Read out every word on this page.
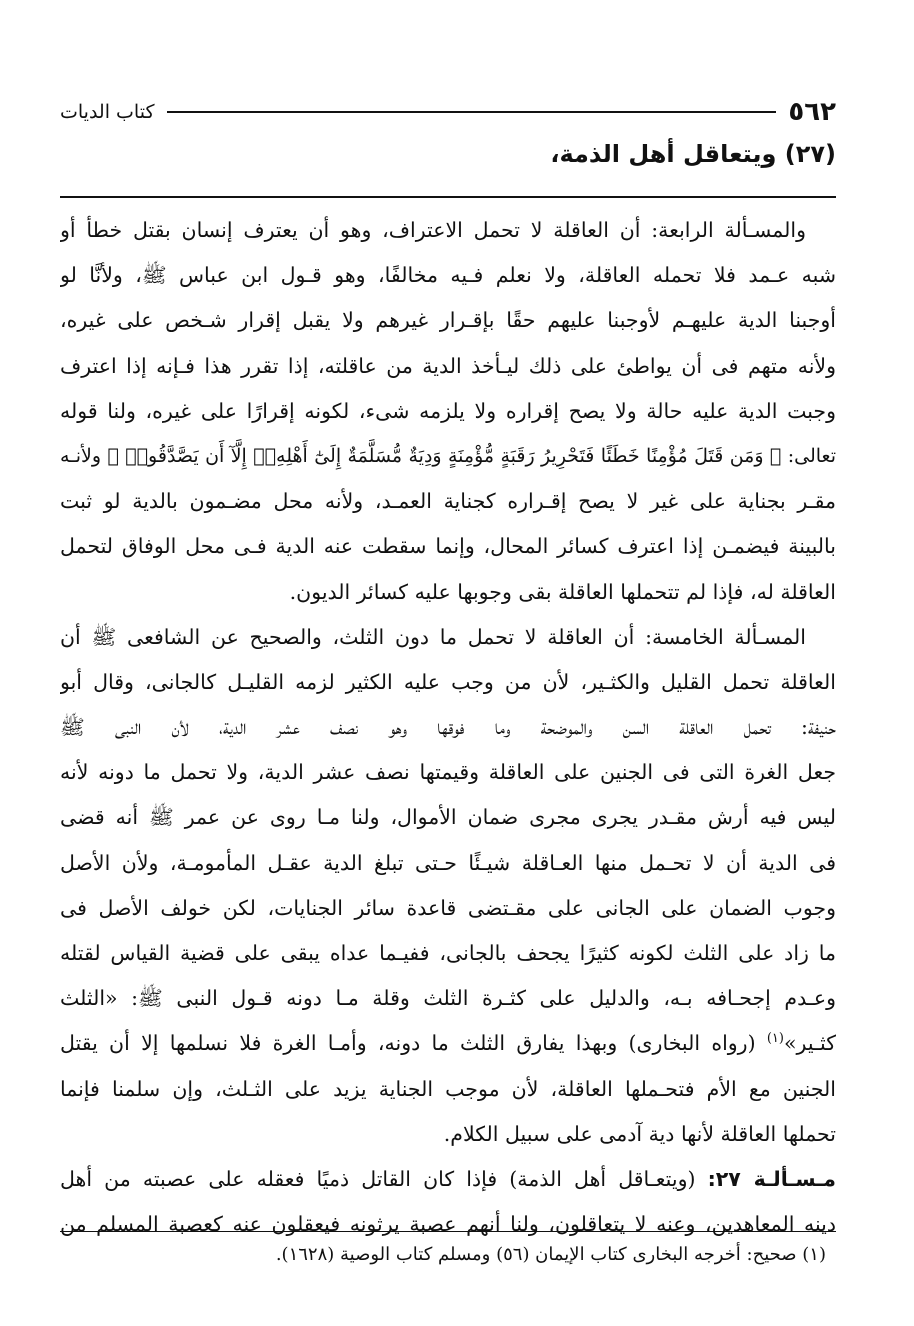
٥٦٢
كتاب الديات
(٢٧) ويتعاقل أهل الذمة،
والمسـألة الرابعة: أن العاقلة لا تحمل الاعتراف، وهو أن يعترف إنسان بقتل خطأ أو
شبه عـمد فلا تحمله العاقلة، ولا نعلم فـيه مخالفًا، وهو قـول ابن عباس ﷺ، ولأنَّا لو
أوجبنا الدية عليهـم لأوجبنا عليهم حقًا بإقـرار غيرهم ولا يقبل إقرار شـخص على غيره،
ولأنه متهم فى أن يواطئ على ذلك ليـأخذ الدية من عاقلته، إذا تقرر هذا فـإنه إذا اعترف
وجبت الدية عليه حالة ولا يصح إقراره ولا يلزمه شىء، لكونه إقرارًا على غيره، ولنا قوله
تعالى: ﴿ وَمَن قَتَلَ مُؤْمِنًا خَطَئًا فَتَحْرِيرُ رَقَبَةٍ مُّؤْمِنَةٍ وَدِيَةٌ مُّسَلَّمَةٌ إِلَىٰٓ أَهْلِهِۦٓ إِلَّآ أَن يَصَّدَّقُوا۟ ﴾ ولأنـه
مقـر بجناية على غير لا يصح إقـراره كجناية العمـد، ولأنه محل مضـمون بالدية لو ثبت
بالبينة فيضمـن إذا اعترف كسائر المحال، وإنما سقطت عنه الدية فـى محل الوفاق لتحمل
العاقلة له، فإذا لم تتحملها العاقلة بقى وجوبها عليه كسائر الديون.
المسـألة الخامسة: أن العاقلة لا تحمل ما دون الثلث، والصحيح عن الشافعى ﷺ أن
العاقلة تحمل القليل والكثـير، لأن من وجب عليه الكثير لزمه القليـل كالجانى، وقال أبو
حنيفة: تحمل العاقلة السن والموضحة وما فوقها وهو نصف عشر الدية، لأن النبى ﷺ
جعل الغرة التى فى الجنين على العاقلة وقيمتها نصف عشر الدية، ولا تحمل ما دونه لأنه
ليس فيه أرش مقـدر يجرى مجرى ضمان الأموال، ولنا مـا روى عن عمر ﷺ أنه قضى
فى الدية أن لا تحـمل منها العـاقلة شيـئًا حـتى تبلغ الدية عقـل المأمومـة، ولأن الأصل
وجوب الضمان على الجانى على مقـتضى قاعدة سائر الجنايات، لكن خولف الأصل فى
ما زاد على الثلث لكونه كثيرًا يجحف بالجانى، ففيـما عداه يبقى على قضية القياس لقتله
وعـدم إجحـافه بـه، والدليل على كثـرة الثلث وقلة مـا دونه قـول النبى ﷺ: «الثلث
كثـير»$^{(١)}$ (رواه البخارى) وبهذا يفارق الثلث ما دونه، وأمـا الغرة فلا نسلمها إلا أن يقتل
الجنين مع الأم فتحـملها العاقلة، لأن موجب الجناية يزيد على الثـلث، وإن سلمنا فإنما
تحملها العاقلة لأنها دية آدمى على سبيل الكلام.
مـسـألـة ٢٧: (ويتعـاقل أهل الذمة) فإذا كان القاتل ذميًا فعقله على عصبته من أهل
دينه المعاهدين، وعنه لا يتعاقلون، ولنا أنهم عصبة يرثونه فيعقلون عنه كعصبة المسلم من
(١) صحيح: أخرجه البخارى كتاب الإيمان (٥٦) ومسلم كتاب الوصية (١٦٢٨).
